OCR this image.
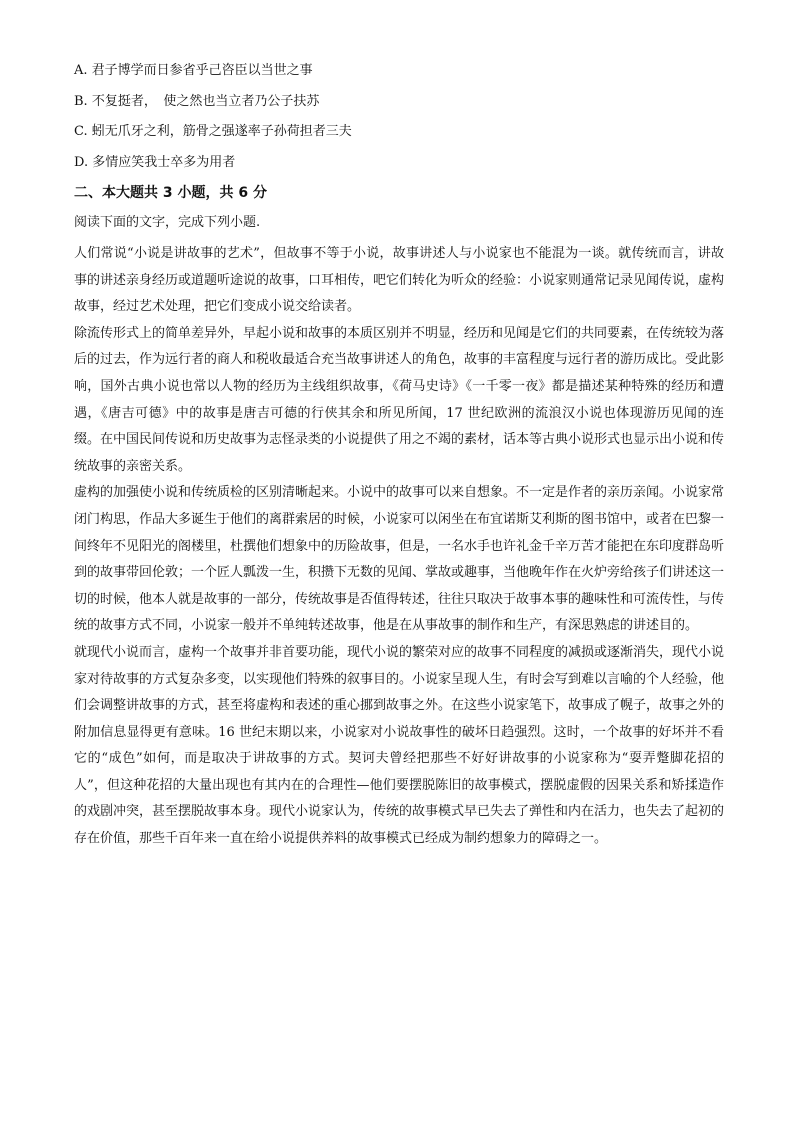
A. 君子博学而日参省乎己咨臣以当世之事
B. 不复挺者，　使之然也当立者乃公子扶苏
C. 蚓无爪牙之利，筋骨之强遂率子孙荷担者三夫
D. 多情应笑我士卒多为用者
二、本大题共 3 小题，共 6 分
阅读下面的文字，完成下列小题.

人们常说“小说是讲故事的艺术”，但故事不等于小说，故事讲述人与小说家也不能混为一谈。就传统而言，讲故事的讲述亲身经历或道题听途说的故事，口耳相传，吧它们转化为听众的经验：小说家则通常记录见闻传说，虚构故事，经过艺术处理，把它们变成小说交给读者。

除流传形式上的简单差异外，早起小说和故事的本质区别并不明显，经历和见闻是它们的共同要素，在传统较为落后的过去，作为远行者的商人和税收最适合充当故事讲述人的角色，故事的丰富程度与远行者的游历成比。受此影响，国外古典小说也常以人物的经历为主线组织故事，《荷马史诗》《一千零一夜》都是描述某种特殊的经历和遭遇，《唐吉可德》中的故事是唐吉可德的行侠其余和所见所闻，17 世纪欧洲的流浪汉小说也体现游历见闻的连缀。在中国民间传说和历史故事为志怪录类的小说提供了用之不竭的素材，话本等古典小说形式也显示出小说和传统故事的亲密关系。

虚构的加强使小说和传统质检的区别清晰起来。小说中的故事可以来自想象。不一定是作者的亲历亲闻。小说家常闭门构思，作品大多诞生于他们的离群索居的时候，小说家可以闲坐在布宜诺斯艾利斯的图书馆中，或者在巴黎一间终年不见阳光的阁楼里，杜撰他们想象中的历险故事，但是，一名水手也许礼金千辛万苦才能把在东印度群岛听到的故事带回伦敦；一个匠人瓢泼一生，积攒下无数的见闻、掌故或趣事，当他晚年作在火炉旁给孩子们讲述这一切的时候，他本人就是故事的一部分，传统故事是否值得转述，往往只取决于故事本事的趣味性和可流传性，与传统的故事方式不同，小说家一般并不单纯转述故事，他是在从事故事的制作和生产，有深思熟虑的讲述目的。

就现代小说而言，虚构一个故事并非首要功能，现代小说的繁荣对应的故事不同程度的减损或逐渐消失，现代小说家对待故事的方式复杂多变，以实现他们特殊的叙事目的。小说家呈现人生，有时会写到难以言喻的个人经验，他们会调整讲故事的方式，甚至将虚构和表述的重心挪到故事之外。在这些小说家笔下，故事成了幌子，故事之外的附加信息显得更有意味。16 世纪末期以来，小说家对小说故事性的破坏日趋强烈。这时，一个故事的好坏并不看它的“成色”如何，而是取决于讲故事的方式。契诃夫曾经把那些不好好讲故事的小说家称为“耍弄蹩脚花招的人”，但这种花招的大量出现也有其内在的合理性—他们要摆脱陈旧的故事模式，摆脱虚假的因果关系和矫揉造作的戏剧冲突，甚至摆脱故事本身。现代小说家认为，传统的故事模式早已失去了弹性和内在活力，也失去了起初的存在价值，那些千百年来一直在给小说提供养料的故事模式已经成为制约想象力的障碍之一。
